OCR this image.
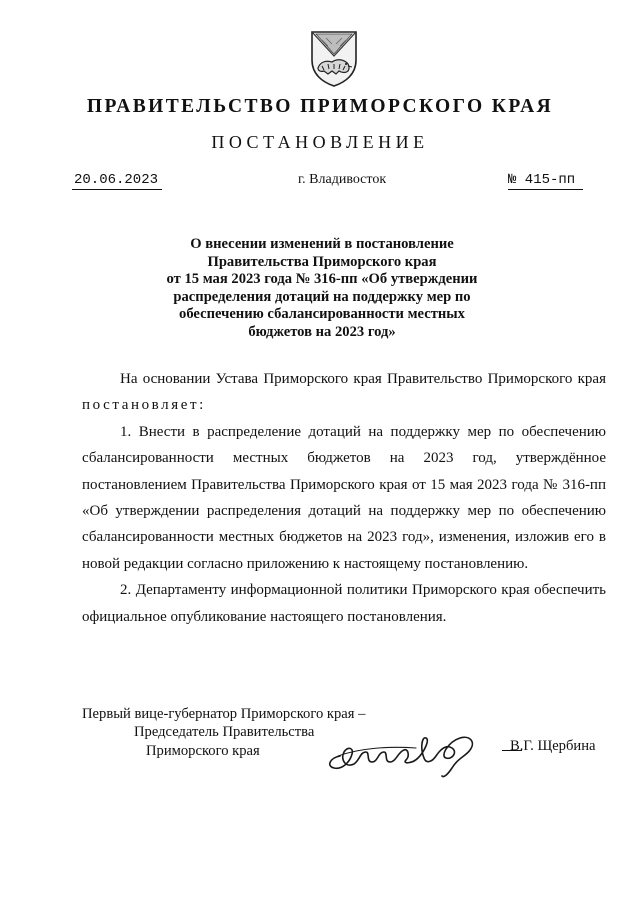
ПРАВИТЕЛЬСТВО ПРИМОРСКОГО КРАЯ
ПОСТАНОВЛЕНИЕ
20.06.2023	г. Владивосток	№ 415-пп
О внесении изменений в постановление
Правительства Приморского края
от 15 мая 2023 года № 316-пп «Об утверждении
распределения дотаций на поддержку мер по
обеспечению сбалансированности местных
бюджетов на 2023 год»

На основании Устава Приморского края Правительство Приморского края постановляет:

1. Внести в распределение дотаций на поддержку мер по обеспечению сбалансированности местных бюджетов на 2023 год, утверждённое постановлением Правительства Приморского края от 15 мая 2023 года № 316-пп «Об утверждении распределения дотаций на поддержку мер по обеспечению сбалансированности местных бюджетов на 2023 год», изменения, изложив его в новой редакции согласно приложению к настоящему постановлению.

2. Департаменту информационной политики Приморского края обеспечить официальное опубликование настоящего постановления.

Первый вице-губернатор Приморского края –
Председатель Правительства
Приморского края	В.Г. Щербина
